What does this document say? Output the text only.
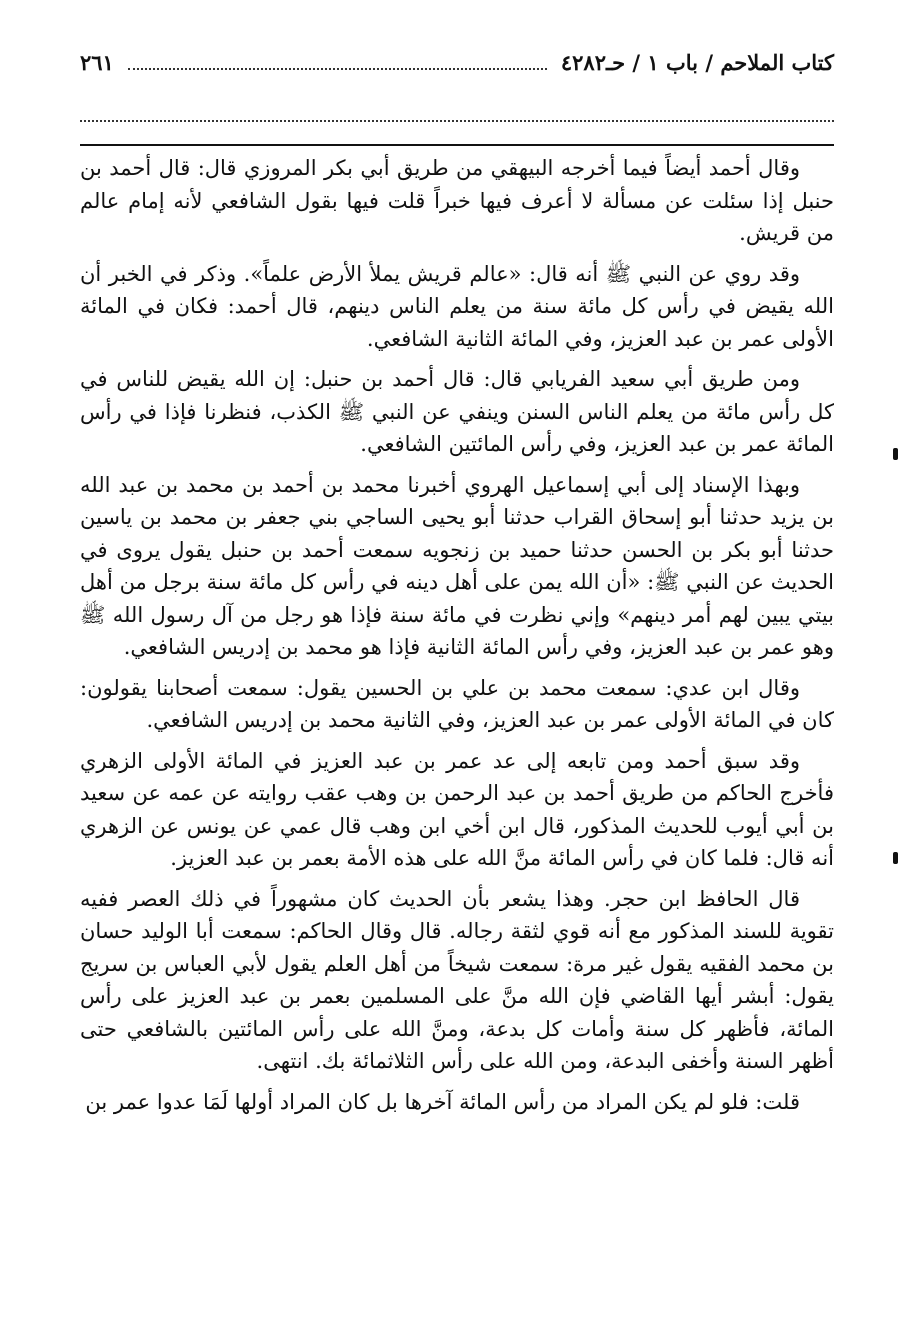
كتاب الملاحم / باب ١ / حـ٤٢٨٢
٢٦١

وقال أحمد أيضاً فيما أخرجه البيهقي من طريق أبي بكر المروزي قال: قال أحمد بن حنبل إذا سئلت عن مسألة لا أعرف فيها خبراً قلت فيها بقول الشافعي لأنه إمام عالم من قريش.

وقد روي عن النبي ﷺ أنه قال: «عالم قريش يملأ الأرض علماً». وذكر في الخبر أن الله يقيض في رأس كل مائة سنة من يعلم الناس دينهم، قال أحمد: فكان في المائة الأولى عمر بن عبد العزيز، وفي المائة الثانية الشافعي.

ومن طريق أبي سعيد الفريابي قال: قال أحمد بن حنبل: إن الله يقيض للناس في كل رأس مائة من يعلم الناس السنن وينفي عن النبي ﷺ الكذب، فنظرنا فإذا في رأس المائة عمر بن عبد العزيز، وفي رأس المائتين الشافعي.

وبهذا الإسناد إلى أبي إسماعيل الهروي أخبرنا محمد بن أحمد بن محمد بن عبد الله بن يزيد حدثنا أبو إسحاق القراب حدثنا أبو يحيى الساجي بني جعفر بن محمد بن ياسين حدثنا أبو بكر بن الحسن حدثنا حميد بن زنجويه سمعت أحمد بن حنبل يقول يروى في الحديث عن النبي ﷺ: «أن الله يمن على أهل دينه في رأس كل مائة سنة برجل من أهل بيتي يبين لهم أمر دينهم» وإني نظرت في مائة سنة فإذا هو رجل من آل رسول الله ﷺ وهو عمر بن عبد العزيز، وفي رأس المائة الثانية فإذا هو محمد بن إدريس الشافعي.

وقال ابن عدي: سمعت محمد بن علي بن الحسين يقول: سمعت أصحابنا يقولون: كان في المائة الأولى عمر بن عبد العزيز، وفي الثانية محمد بن إدريس الشافعي.

وقد سبق أحمد ومن تابعه إلى عد عمر بن عبد العزيز في المائة الأولى الزهري فأخرج الحاكم من طريق أحمد بن عبد الرحمن بن وهب عقب روايته عن عمه عن سعيد بن أبي أيوب للحديث المذكور، قال ابن أخي ابن وهب قال عمي عن يونس عن الزهري أنه قال: فلما كان في رأس المائة منَّ الله على هذه الأمة بعمر بن عبد العزيز.

قال الحافظ ابن حجر. وهذا يشعر بأن الحديث كان مشهوراً في ذلك العصر ففيه تقوية للسند المذكور مع أنه قوي لثقة رجاله. قال وقال الحاكم: سمعت أبا الوليد حسان بن محمد الفقيه يقول غير مرة: سمعت شيخاً من أهل العلم يقول لأبي العباس بن سريج يقول: أبشر أيها القاضي فإن الله منَّ على المسلمين بعمر بن عبد العزيز على رأس المائة، فأظهر كل سنة وأمات كل بدعة، ومنَّ الله على رأس المائتين بالشافعي حتى أظهر السنة وأخفى البدعة، ومن الله على رأس الثلاثمائة بك. انتهى.

قلت: فلو لم يكن المراد من رأس المائة آخرها بل كان المراد أولها لَمَا عدوا عمر بن
